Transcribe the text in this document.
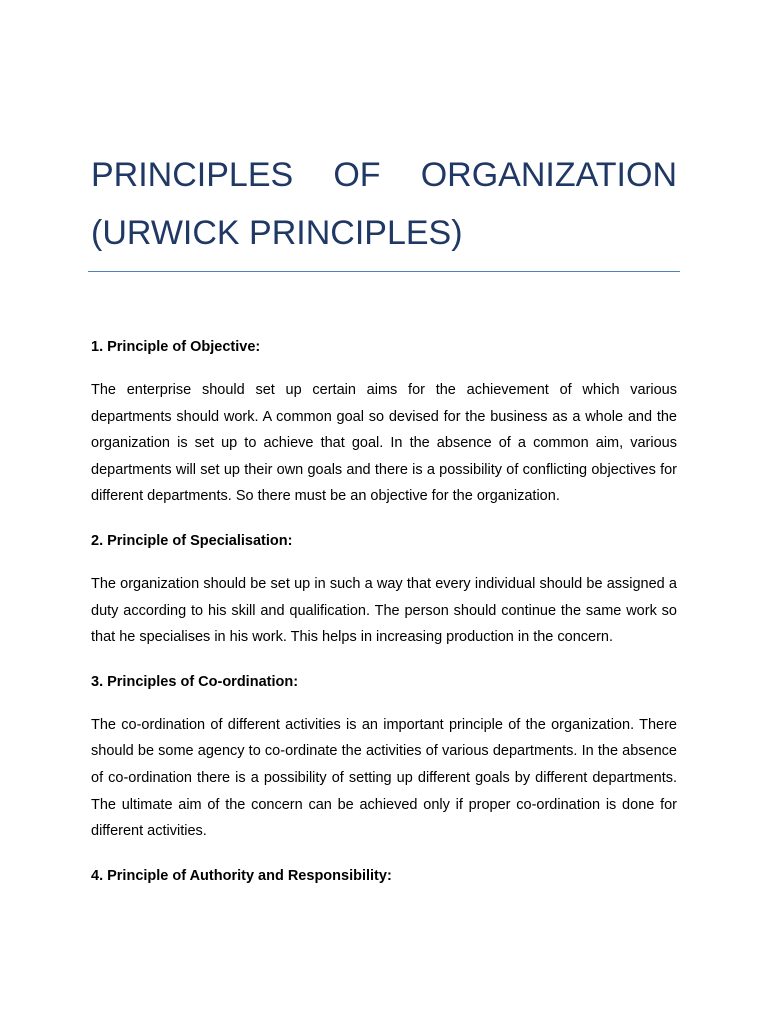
PRINCIPLES OF ORGANIZATION
(URWICK PRINCIPLES)

1. Principle of Objective:

The enterprise should set up certain aims for the achievement of which various departments should work. A common goal so devised for the business as a whole and the organization is set up to achieve that goal. In the absence of a common aim, various departments will set up their own goals and there is a possibility of conflicting objectives for different departments. So there must be an objective for the organization.

2. Principle of Specialisation:

The organization should be set up in such a way that every individual should be assigned a duty according to his skill and qualification. The person should continue the same work so that he specialises in his work. This helps in increasing production in the concern.

3. Principles of Co-ordination:

The co-ordination of different activities is an important principle of the organization. There should be some agency to co-ordinate the activities of various departments. In the absence of co-ordination there is a possibility of setting up different goals by different departments. The ultimate aim of the concern can be achieved only if proper co-ordination is done for different activities.

4. Principle of Authority and Responsibility:
